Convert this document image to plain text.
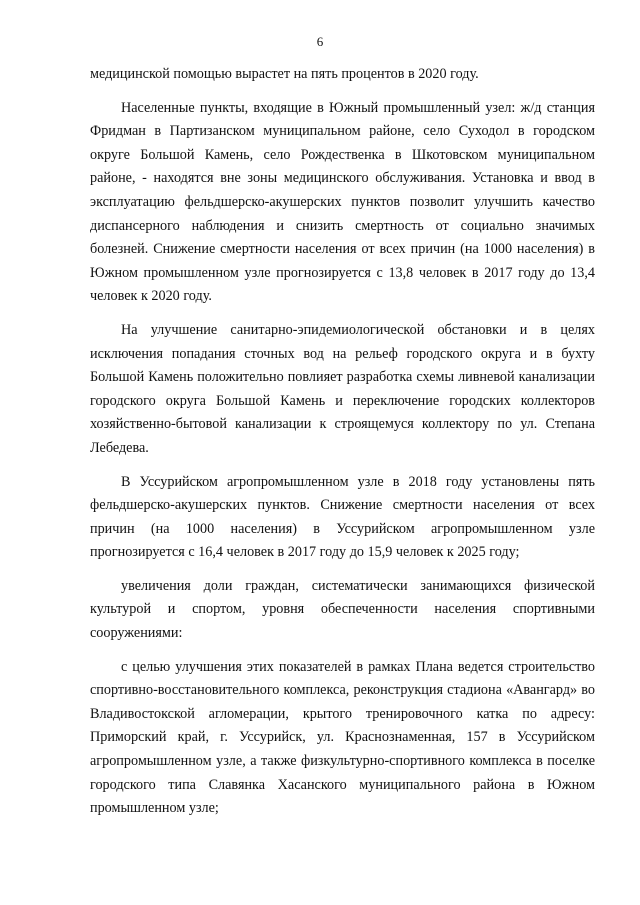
6

медицинской помощью вырастет на пять процентов в 2020 году.

Населенные пункты, входящие в Южный промышленный узел: ж/д станция Фридман в Партизанском муниципальном районе, село Суходол в городском округе Большой Камень, село Рождественка в Шкотовском муниципальном районе, - находятся вне зоны медицинского обслуживания. Установка и ввод в эксплуатацию фельдшерско-акушерских пунктов позволит улучшить качество диспансерного наблюдения и снизить смертность от социально значимых болезней. Снижение смертности населения от всех причин (на 1000 населения) в Южном промышленном узле прогнозируется с 13,8 человек в 2017 году до 13,4 человек к 2020 году.

На улучшение санитарно-эпидемиологической обстановки и в целях исключения попадания сточных вод на рельеф городского округа и в бухту Большой Камень положительно повлияет разработка схемы ливневой канализации городского округа Большой Камень и переключение городских коллекторов хозяйственно-бытовой канализации к строящемуся коллектору по ул. Степана Лебедева.

В Уссурийском агропромышленном узле в 2018 году установлены пять фельдшерско-акушерских пунктов. Снижение смертности населения от всех причин (на 1000 населения) в Уссурийском агропромышленном узле прогнозируется с 16,4 человек в 2017 году до 15,9 человек к 2025 году;

увеличения доли граждан, систематически занимающихся физической культурой и спортом, уровня обеспеченности населения спортивными сооружениями:

с целью улучшения этих показателей в рамках Плана ведется строительство спортивно-восстановительного комплекса, реконструкция стадиона «Авангард» во Владивостокской агломерации, крытого тренировочного катка по адресу: Приморский край, г. Уссурийск, ул. Краснознаменная, 157 в Уссурийском агропромышленном узле, а также физкультурно-спортивного комплекса в поселке городского типа Славянка Хасанского муниципального района в Южном промышленном узле;
